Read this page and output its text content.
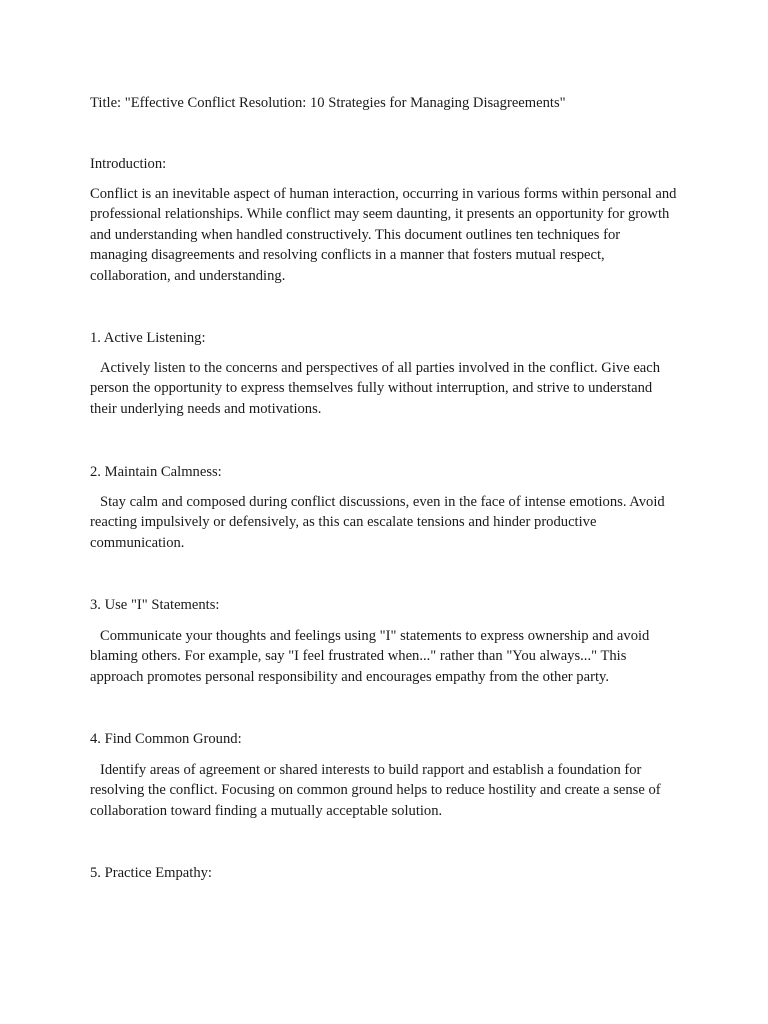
Title: "Effective Conflict Resolution: 10 Strategies for Managing Disagreements"

Introduction:

Conflict is an inevitable aspect of human interaction, occurring in various forms within personal and professional relationships. While conflict may seem daunting, it presents an opportunity for growth and understanding when handled constructively. This document outlines ten techniques for managing disagreements and resolving conflicts in a manner that fosters mutual respect, collaboration, and understanding.

1. Active Listening:

Actively listen to the concerns and perspectives of all parties involved in the conflict. Give each person the opportunity to express themselves fully without interruption, and strive to understand their underlying needs and motivations.

2. Maintain Calmness:

Stay calm and composed during conflict discussions, even in the face of intense emotions. Avoid reacting impulsively or defensively, as this can escalate tensions and hinder productive communication.

3. Use "I" Statements:

Communicate your thoughts and feelings using "I" statements to express ownership and avoid blaming others. For example, say "I feel frustrated when..." rather than "You always..." This approach promotes personal responsibility and encourages empathy from the other party.

4. Find Common Ground:

Identify areas of agreement or shared interests to build rapport and establish a foundation for resolving the conflict. Focusing on common ground helps to reduce hostility and create a sense of collaboration toward finding a mutually acceptable solution.

5. Practice Empathy:
